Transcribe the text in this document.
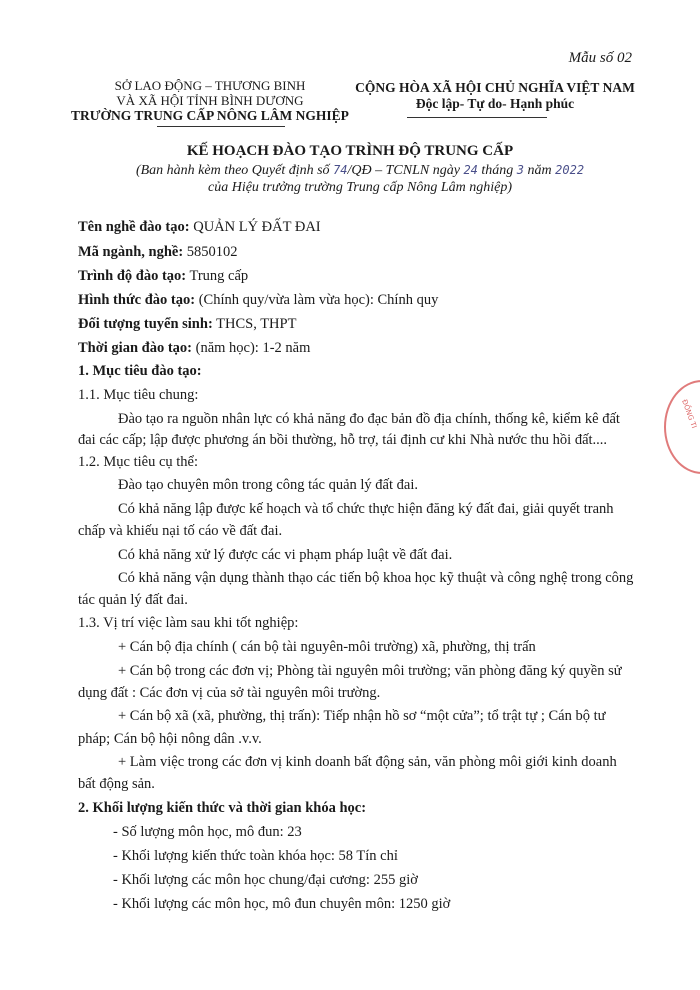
Mẫu số 02
SỞ LAO ĐỘNG – THƯƠNG BINH
VÀ XÃ HỘI TỈNH BÌNH DƯƠNG
TRƯỜNG TRUNG CẤP NÔNG LÂM NGHIỆP
CỘNG HÒA XÃ HỘI CHỦ NGHĨA VIỆT NAM
Độc lập- Tự do- Hạnh phúc
KẾ HOẠCH ĐÀO TẠO TRÌNH ĐỘ TRUNG CẤP
(Ban hành kèm theo Quyết định số 74/QĐ – TCNLN ngày 24 tháng 3 năm 2022
của Hiệu trưởng trường Trung cấp Nông Lâm nghiệp)
ĐỒNG TI
Tên nghề đào tạo: QUẢN LÝ ĐẤT ĐAI
Mã ngành, nghề: 5850102
Trình độ đào tạo: Trung cấp
Hình thức đào tạo: (Chính quy/vừa làm vừa học): Chính quy
Đối tượng tuyển sinh: THCS, THPT
Thời gian đào tạo: (năm học): 1-2 năm
1. Mục tiêu đào tạo:
1.1. Mục tiêu chung:
Đào tạo ra nguồn nhân lực có khả năng đo đạc bản đồ địa chính, thống kê, kiểm kê đất
đai các cấp; lập được phương án bồi thường, hỗ trợ, tái định cư khi Nhà nước thu hồi đất....
1.2. Mục tiêu cụ thể:
Đào tạo chuyên môn trong công tác quản lý đất đai.
Có khả năng lập được kế hoạch và tổ chức thực hiện đăng ký đất đai, giải quyết tranh
chấp và khiếu nại tố cáo về đất đai.
Có khả năng xử lý được các vi phạm pháp luật về đất đai.
Có khả năng vận dụng thành thạo các tiến bộ khoa học kỹ thuật và công nghệ trong công
tác quản lý đất đai.
1.3. Vị trí việc làm sau khi tốt nghiệp:
+ Cán bộ địa chính ( cán bộ tài nguyên-môi trường) xã, phường, thị trấn
+ Cán bộ trong các đơn vị; Phòng tài nguyên môi trường; văn phòng đăng ký quyền sử
dụng đất : Các đơn vị của sở tài nguyên môi trường.
+ Cán bộ xã (xã, phường, thị trấn): Tiếp nhận hồ sơ “một cửa”; tổ trật tự ; Cán bộ tư
pháp; Cán bộ hội nông dân .v.v.
+ Làm việc trong các đơn vị kinh doanh bất động sản, văn phòng môi giới kinh doanh
bất động sản.
2. Khối lượng kiến thức và thời gian khóa học:
- Số lượng môn học, mô đun: 23
- Khối lượng kiến thức toàn khóa học: 58 Tín chỉ
- Khối lượng các môn học chung/đại cương: 255 giờ
- Khối lượng các môn học, mô đun chuyên môn: 1250 giờ
